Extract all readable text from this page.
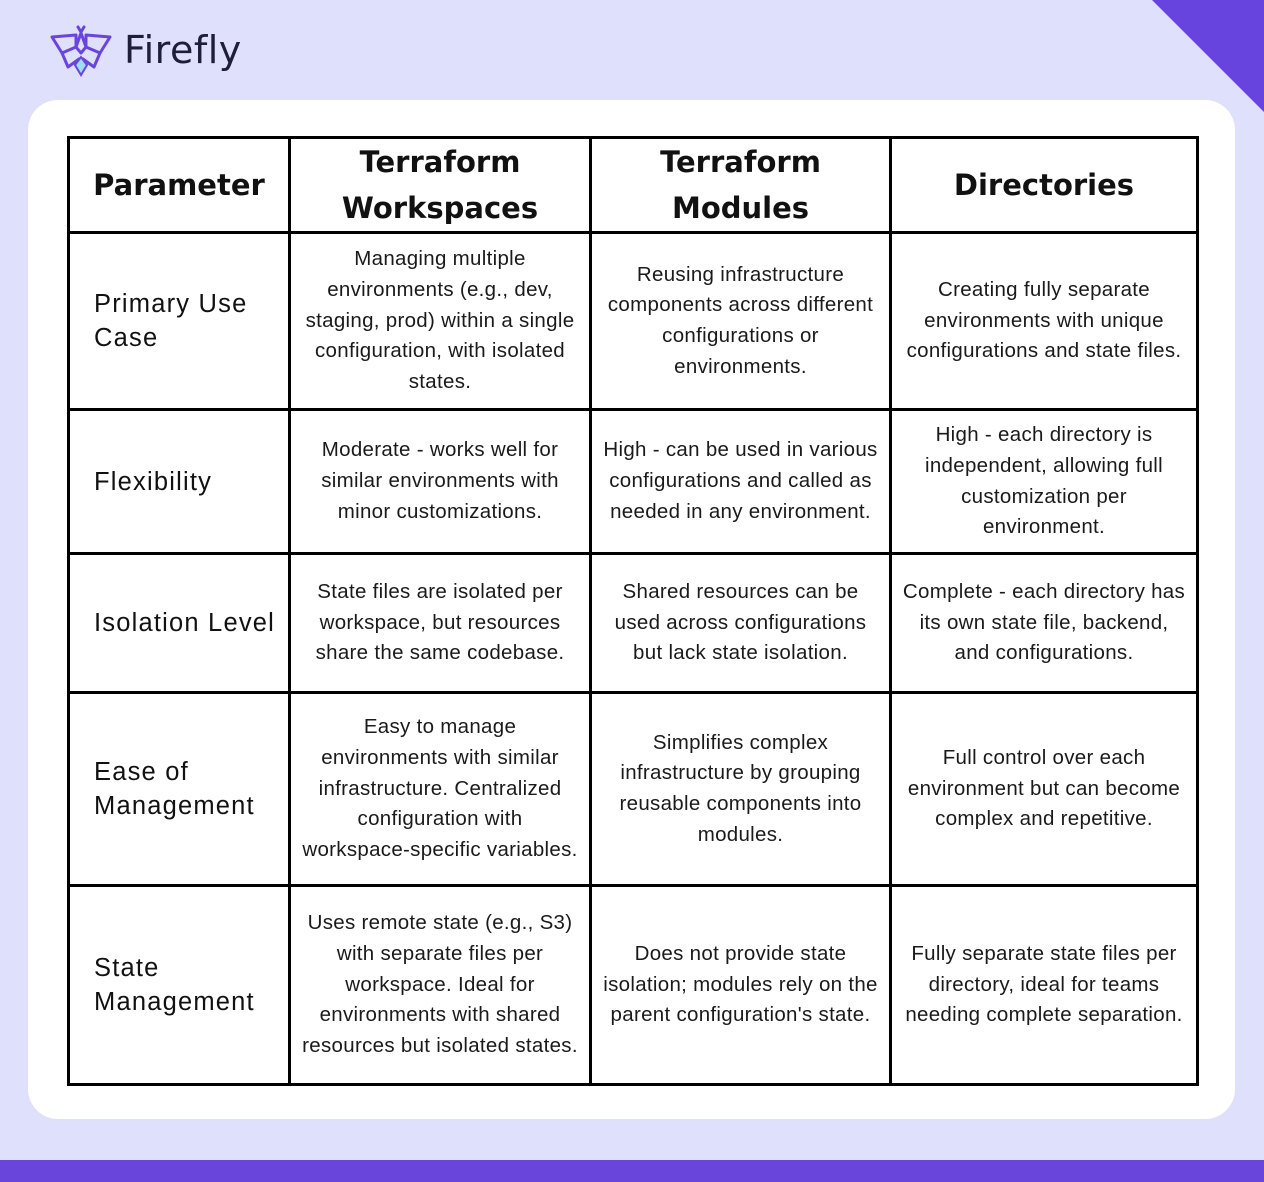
Firefly
Parameter	Terraform Workspaces	Terraform Modules	Directories
Primary Use Case	Managing multiple environments (e.g., dev, staging, prod) within a single configuration, with isolated states.	Reusing infrastructure components across different configurations or environments.	Creating fully separate environments with unique configurations and state files.
Flexibility	Moderate - works well for similar environments with minor customizations.	High - can be used in various configurations and called as needed in any environment.	High - each directory is independent, allowing full customization per environment.
Isolation Level	State files are isolated per workspace, but resources share the same codebase.	Shared resources can be used across configurations but lack state isolation.	Complete - each directory has its own state file, backend, and configurations.
Ease of Management	Easy to manage environments with similar infrastructure. Centralized configuration with workspace-specific variables.	Simplifies complex infrastructure by grouping reusable components into modules.	Full control over each environment but can become complex and repetitive.
State Management	Uses remote state (e.g., S3) with separate files per workspace. Ideal for environments with shared resources but isolated states.	Does not provide state isolation; modules rely on the parent configuration's state.	Fully separate state files per directory, ideal for teams needing complete separation.
